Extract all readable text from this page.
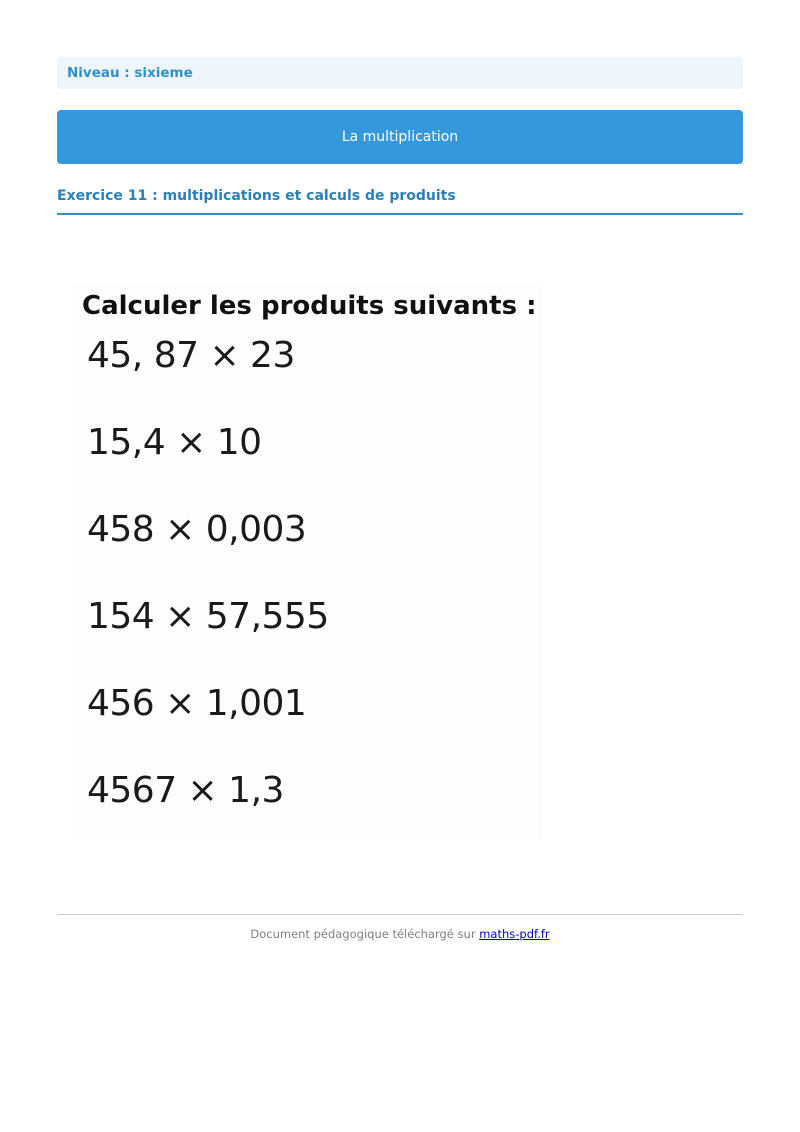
Niveau : sixieme
La multiplication
Exercice 11 : multiplications et calculs de produits
Calculer les produits suivants :
45, 87 × 23
15,4 × 10
458 × 0,003
154 × 57,555
456 × 1,001
4567 × 1,3
Document pédagogique téléchargé sur maths-pdf.fr
